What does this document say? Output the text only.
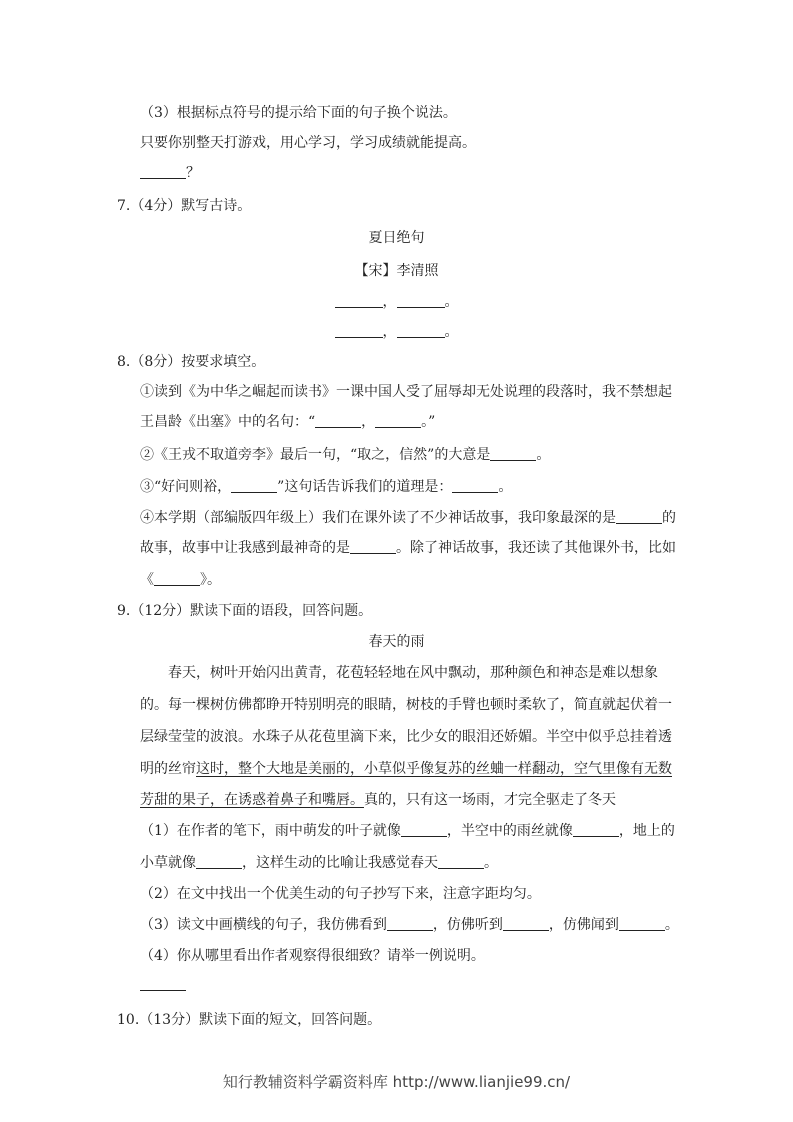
（3）根据标点符号的提示给下面的句子换个说法。
只要你别整天打游戏，用心学习，学习成绩就能提高。
？
7.（4分）默写古诗。
夏日绝句
【宋】李清照
，	。
，	。
8.（8分）按要求填空。
①读到《为中华之崛起而读书》一课中国人受了屈辱却无处说理的段落时，我不禁想起
王昌龄《出塞》中的名句：“	，	。”
②《王戎不取道旁李》最后一句，“取之，信然”的大意是	。
③“好问则裕，	”这句话告诉我们的道理是：	。
④本学期（部编版四年级上）我们在课外读了不少神话故事，我印象最深的是	的
故事，故事中让我感到最神奇的是	。除了神话故事，我还读了其他课外书，比如
《	》。
9.（12分）默读下面的语段，回答问题。
春天的雨
春天，树叶开始闪出黄青，花苞轻轻地在风中飘动，那种颜色和神态是难以想象
的。每一棵树仿佛都睁开特别明亮的眼睛，树枝的手臂也顿时柔软了，简直就起伏着一
层绿莹莹的波浪。水珠子从花苞里滴下来，比少女的眼泪还娇媚。半空中似乎总挂着透
明的丝帘这时，整个大地是美丽的，小草似乎像复苏的丝蛐一样翻动，空气里像有无数
芳甜的果子，在诱惑着鼻子和嘴唇。真的，只有这一场雨，才完全驱走了冬天
（1）在作者的笔下，雨中萌发的叶子就像	，半空中的雨丝就像	，地上的
小草就像	，这样生动的比喻让我感觉春天	。
（2）在文中找出一个优美生动的句子抄写下来，注意字距均匀。
（3）读文中画横线的句子，我仿佛看到	，仿佛听到	，仿佛闻到	。
（4）你从哪里看出作者观察得很细致？请举一例说明。
10.（13分）默读下面的短文，回答问题。
知行教辅资料学霸资料库 http://www.lianjie99.cn/
